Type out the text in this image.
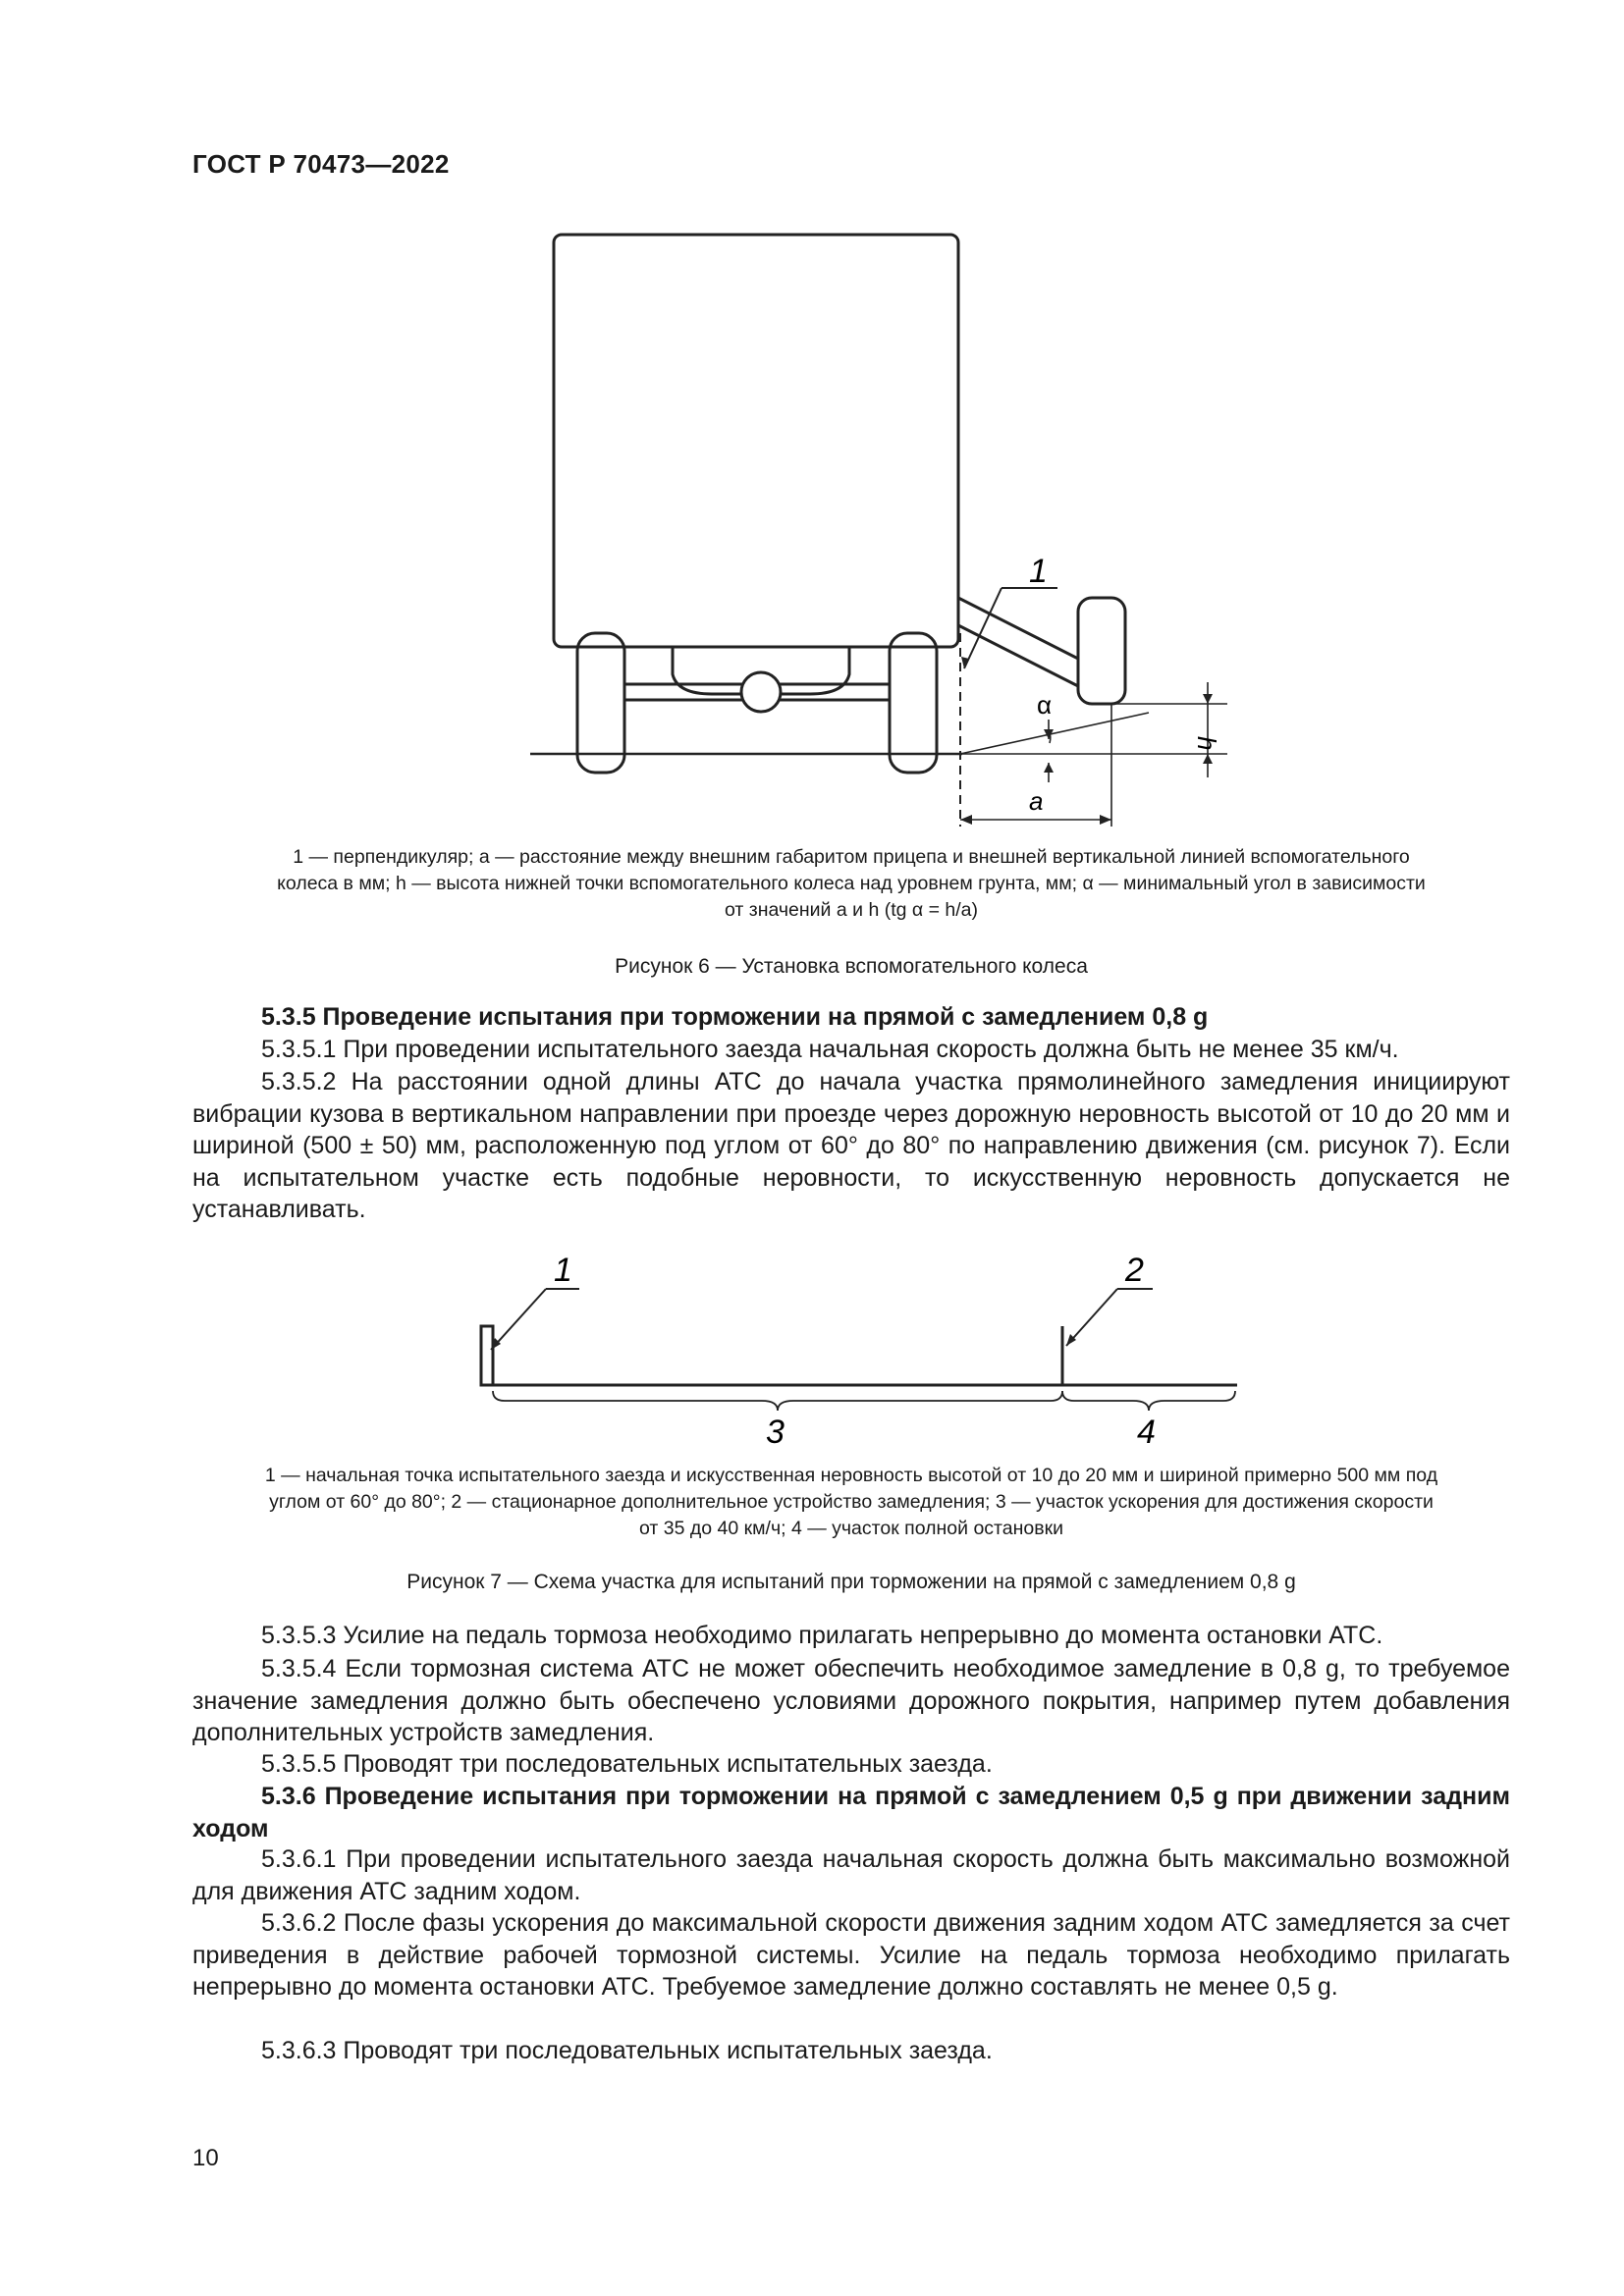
ГОСТ Р 70473—2022
1
α
h
a
1 — перпендикуляр; a — расстояние между внешним габаритом прицепа и внешней вертикальной линией вспомогательного
колеса в мм; h — высота нижней точки вспомогательного колеса над уровнем грунта, мм; α — минимальный угол в зависимости
от значений a и h (tg α = h/a)
Рисунок 6 — Установка вспомогательного колеса

5.3.5 Проведение испытания при торможении на прямой с замедлением 0,8 g

5.3.5.1 При проведении испытательного заезда начальная скорость должна быть не менее 35 км/ч.

5.3.5.2 На расстоянии одной длины АТС до начала участка прямолинейного замедления инициируют вибрации кузова в вертикальном направлении при проезде через дорожную неровность высотой от 10 до 20 мм и шириной (500 ± 50) мм, расположенную под углом от 60° до 80° по направлению движения (см. рисунок 7). Если на испытательном участке есть подобные неровности, то искусственную неровность допускается не устанавливать.

1	2
3	4
1 — начальная точка испытательного заезда и искусственная неровность высотой от 10 до 20 мм и шириной примерно 500 мм под
углом от 60° до 80°; 2 — стационарное дополнительное устройство замедления; 3 — участок ускорения для достижения скорости
от 35 до 40 км/ч; 4 — участок полной остановки
Рисунок 7 — Схема участка для испытаний при торможении на прямой с замедлением 0,8 g

5.3.5.3 Усилие на педаль тормоза необходимо прилагать непрерывно до момента остановки АТС.

5.3.5.4 Если тормозная система АТС не может обеспечить необходимое замедление в 0,8 g, то требуемое значение замедления должно быть обеспечено условиями дорожного покрытия, например путем добавления дополнительных устройств замедления.

5.3.5.5 Проводят три последовательных испытательных заезда.

5.3.6 Проведение испытания при торможении на прямой с замедлением 0,5 g при движении задним ходом

5.3.6.1 При проведении испытательного заезда начальная скорость должна быть максимально возможной для движения АТС задним ходом.

5.3.6.2 После фазы ускорения до максимальной скорости движения задним ходом АТС замедляется за счет приведения в действие рабочей тормозной системы. Усилие на педаль тормоза необходимо прилагать непрерывно до момента остановки АТС. Требуемое замедление должно составлять не менее 0,5 g.

5.3.6.3 Проводят три последовательных испытательных заезда.

10
